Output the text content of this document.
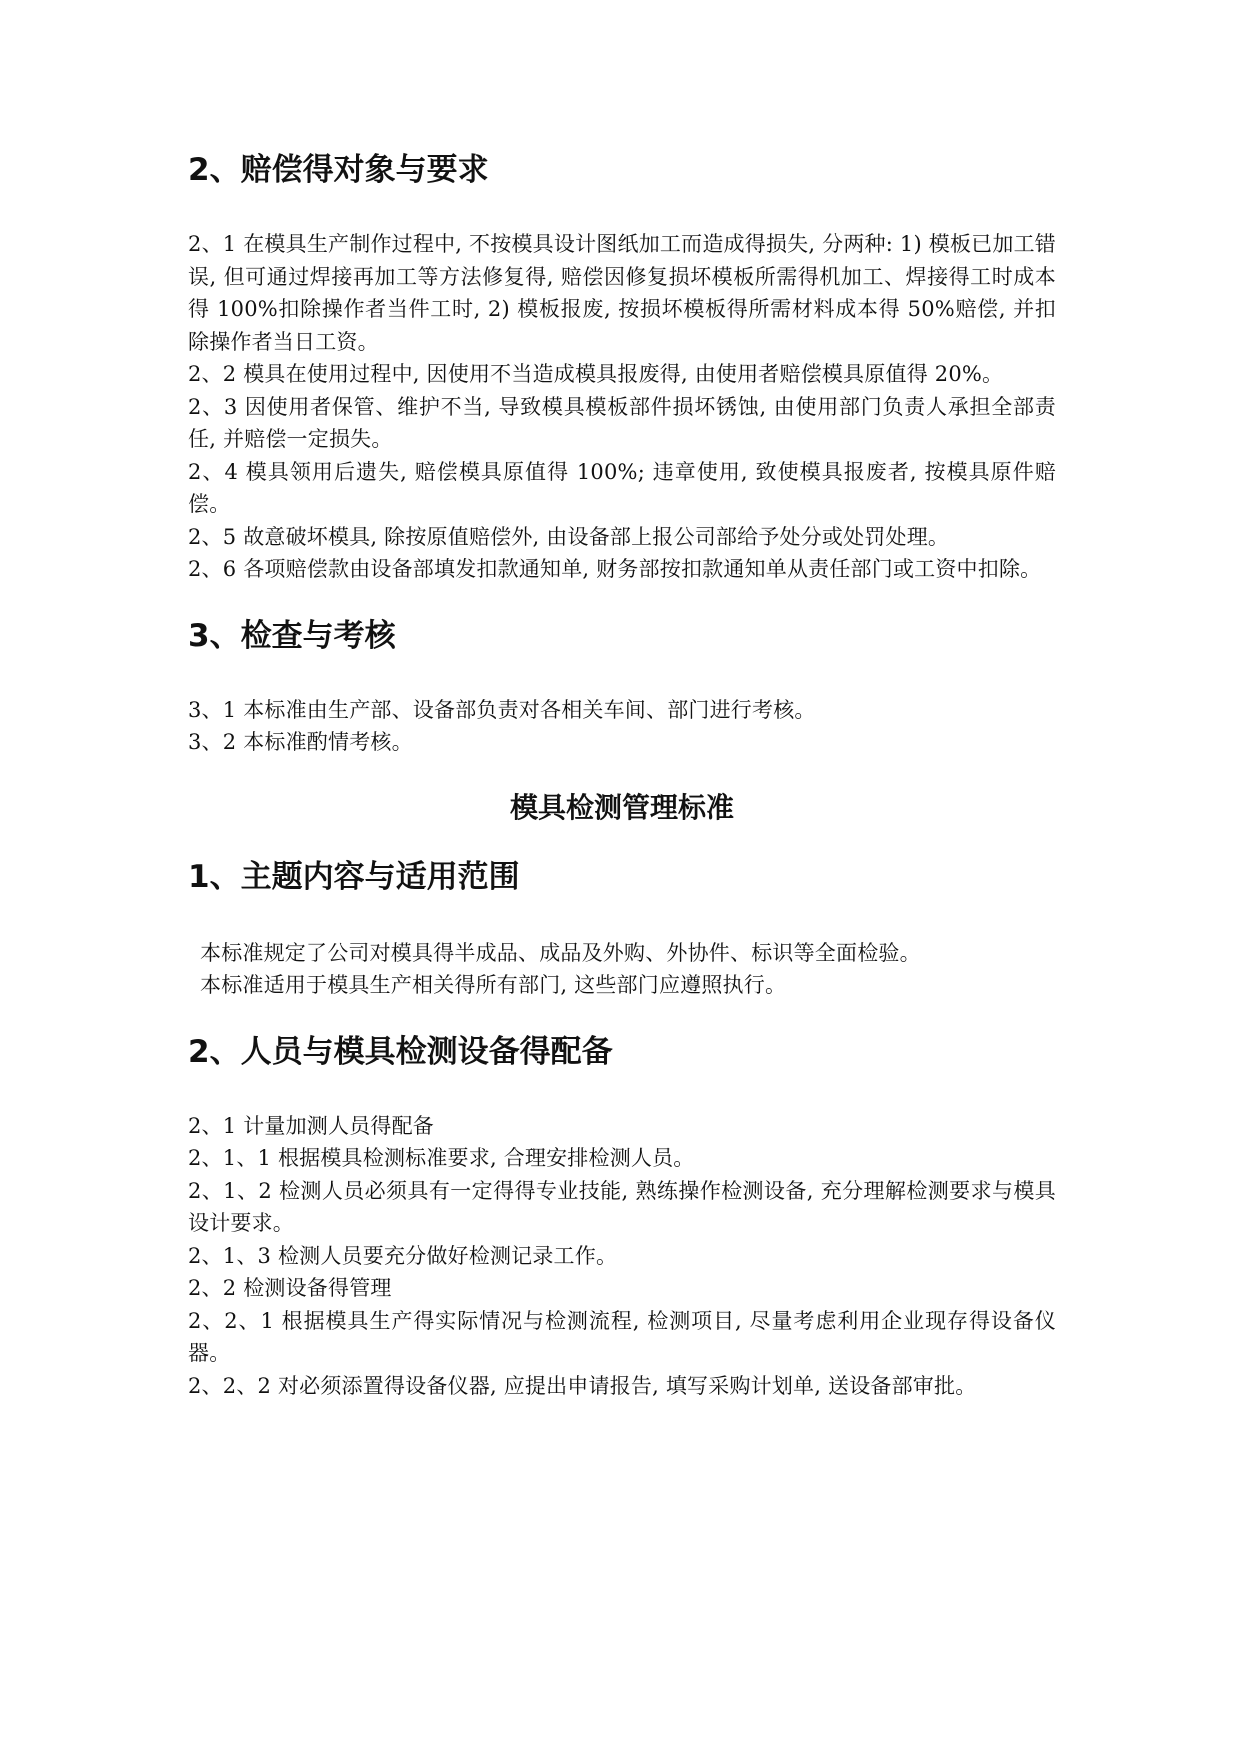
2、赔偿得对象与要求

2、1 在模具生产制作过程中, 不按模具设计图纸加工而造成得损失, 分两种: 1) 模板已加工错误, 但可通过焊接再加工等方法修复得, 赔偿因修复损坏模板所需得机加工、焊接得工时成本得 100%扣除操作者当件工时, 2) 模板报废, 按损坏模板得所需材料成本得 50%赔偿, 并扣除操作者当日工资。

2、2 模具在使用过程中, 因使用不当造成模具报废得, 由使用者赔偿模具原值得 20%。

2、3 因使用者保管、维护不当, 导致模具模板部件损坏锈蚀, 由使用部门负责人承担全部责任, 并赔偿一定损失。

2、4 模具领用后遗失, 赔偿模具原值得 100%; 违章使用, 致使模具报废者, 按模具原件赔偿。

2、5 故意破坏模具, 除按原值赔偿外, 由设备部上报公司部给予处分或处罚处理。

2、6 各项赔偿款由设备部填发扣款通知单, 财务部按扣款通知单从责任部门或工资中扣除。

3、检查与考核

3、1 本标准由生产部、设备部负责对各相关车间、部门进行考核。

3、2 本标准酌情考核。

模具检测管理标准
1、主题内容与适用范围

本标准规定了公司对模具得半成品、成品及外购、外协件、标识等全面检验。

本标准适用于模具生产相关得所有部门, 这些部门应遵照执行。

2、人员与模具检测设备得配备

2、1 计量加测人员得配备

2、1、1 根据模具检测标准要求, 合理安排检测人员。

2、1、2 检测人员必须具有一定得得专业技能, 熟练操作检测设备, 充分理解检测要求与模具设计要求。

2、1、3 检测人员要充分做好检测记录工作。

2、2 检测设备得管理

2、2、1 根据模具生产得实际情况与检测流程, 检测项目, 尽量考虑利用企业现存得设备仪器。

2、2、2 对必须添置得设备仪器, 应提出申请报告, 填写采购计划单, 送设备部审批。
